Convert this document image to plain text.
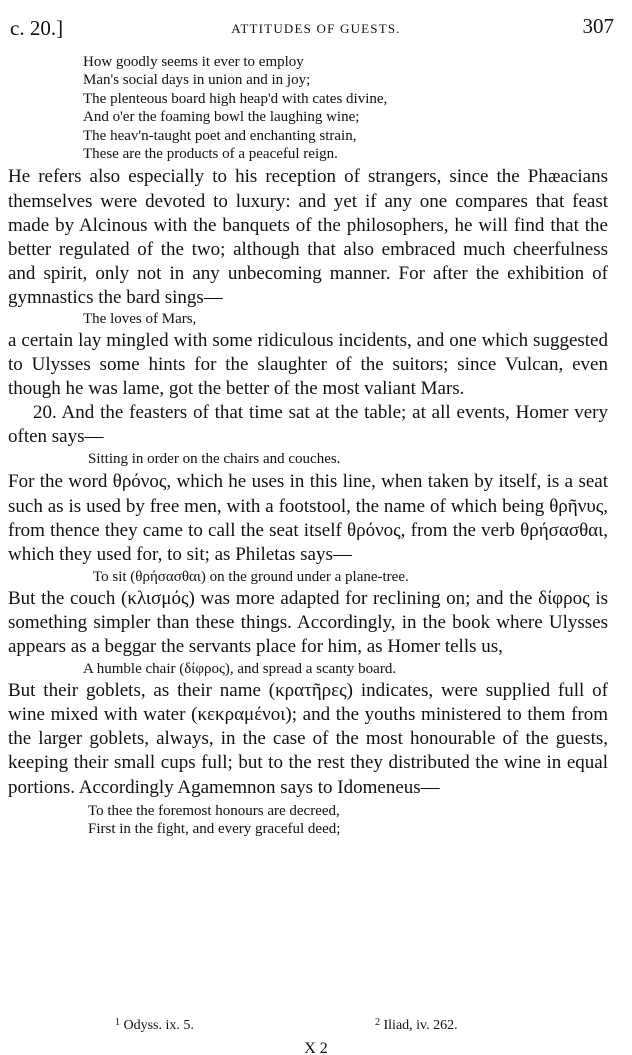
c. 20.]	ATTITUDES OF GUESTS.	307
How goodly seems it ever to employ
Man's social days in union and in joy;
The plenteous board high heap'd with cates divine,
And o'er the foaming bowl the laughing wine;
The heav'n-taught poet and enchanting strain,
These are the products of a peaceful reign.

He refers also especially to his reception of strangers, since the Phæacians themselves were devoted to luxury: and yet if any one compares that feast made by Alcinous with the banquets of the philosophers, he will find that the better regulated of the two; although that also embraced much cheerfulness and spirit, only not in any unbecoming manner. For after the exhibition of gymnastics the bard sings—

The loves of Mars,

a certain lay mingled with some ridiculous incidents, and one which suggested to Ulysses some hints for the slaughter of the suitors; since Vulcan, even though he was lame, got the better of the most valiant Mars.

20. And the feasters of that time sat at the table; at all events, Homer very often says—

Sitting in order on the chairs and couches.

For the word θρόνος, which he uses in this line, when taken by itself, is a seat such as is used by free men, with a footstool, the name of which being θρῆνυς, from thence they came to call the seat itself θρόνος, from the verb θρήσασθαι, which they used for, to sit; as Philetas says—

To sit (θρήσασθαι) on the ground under a plane-tree.

But the couch (κλισμός) was more adapted for reclining on; and the δίφρος is something simpler than these things. Accordingly, in the book where Ulysses appears as a beggar the servants place for him, as Homer tells us,

A humble chair (δίφρος), and spread a scanty board.

But their goblets, as their name (κρατῆρες) indicates, were supplied full of wine mixed with water (κεκραμένοι); and the youths ministered to them from the larger goblets, always, in the case of the most honourable of the guests, keeping their small cups full; but to the rest they distributed the wine in equal portions. Accordingly Agamemnon says to Idomeneus—

To thee the foremost honours are decreed,
First in the fight, and every graceful deed;
$^1$ Odyss. ix. 5.	$^2$ Iliad, iv. 262.
X 2
